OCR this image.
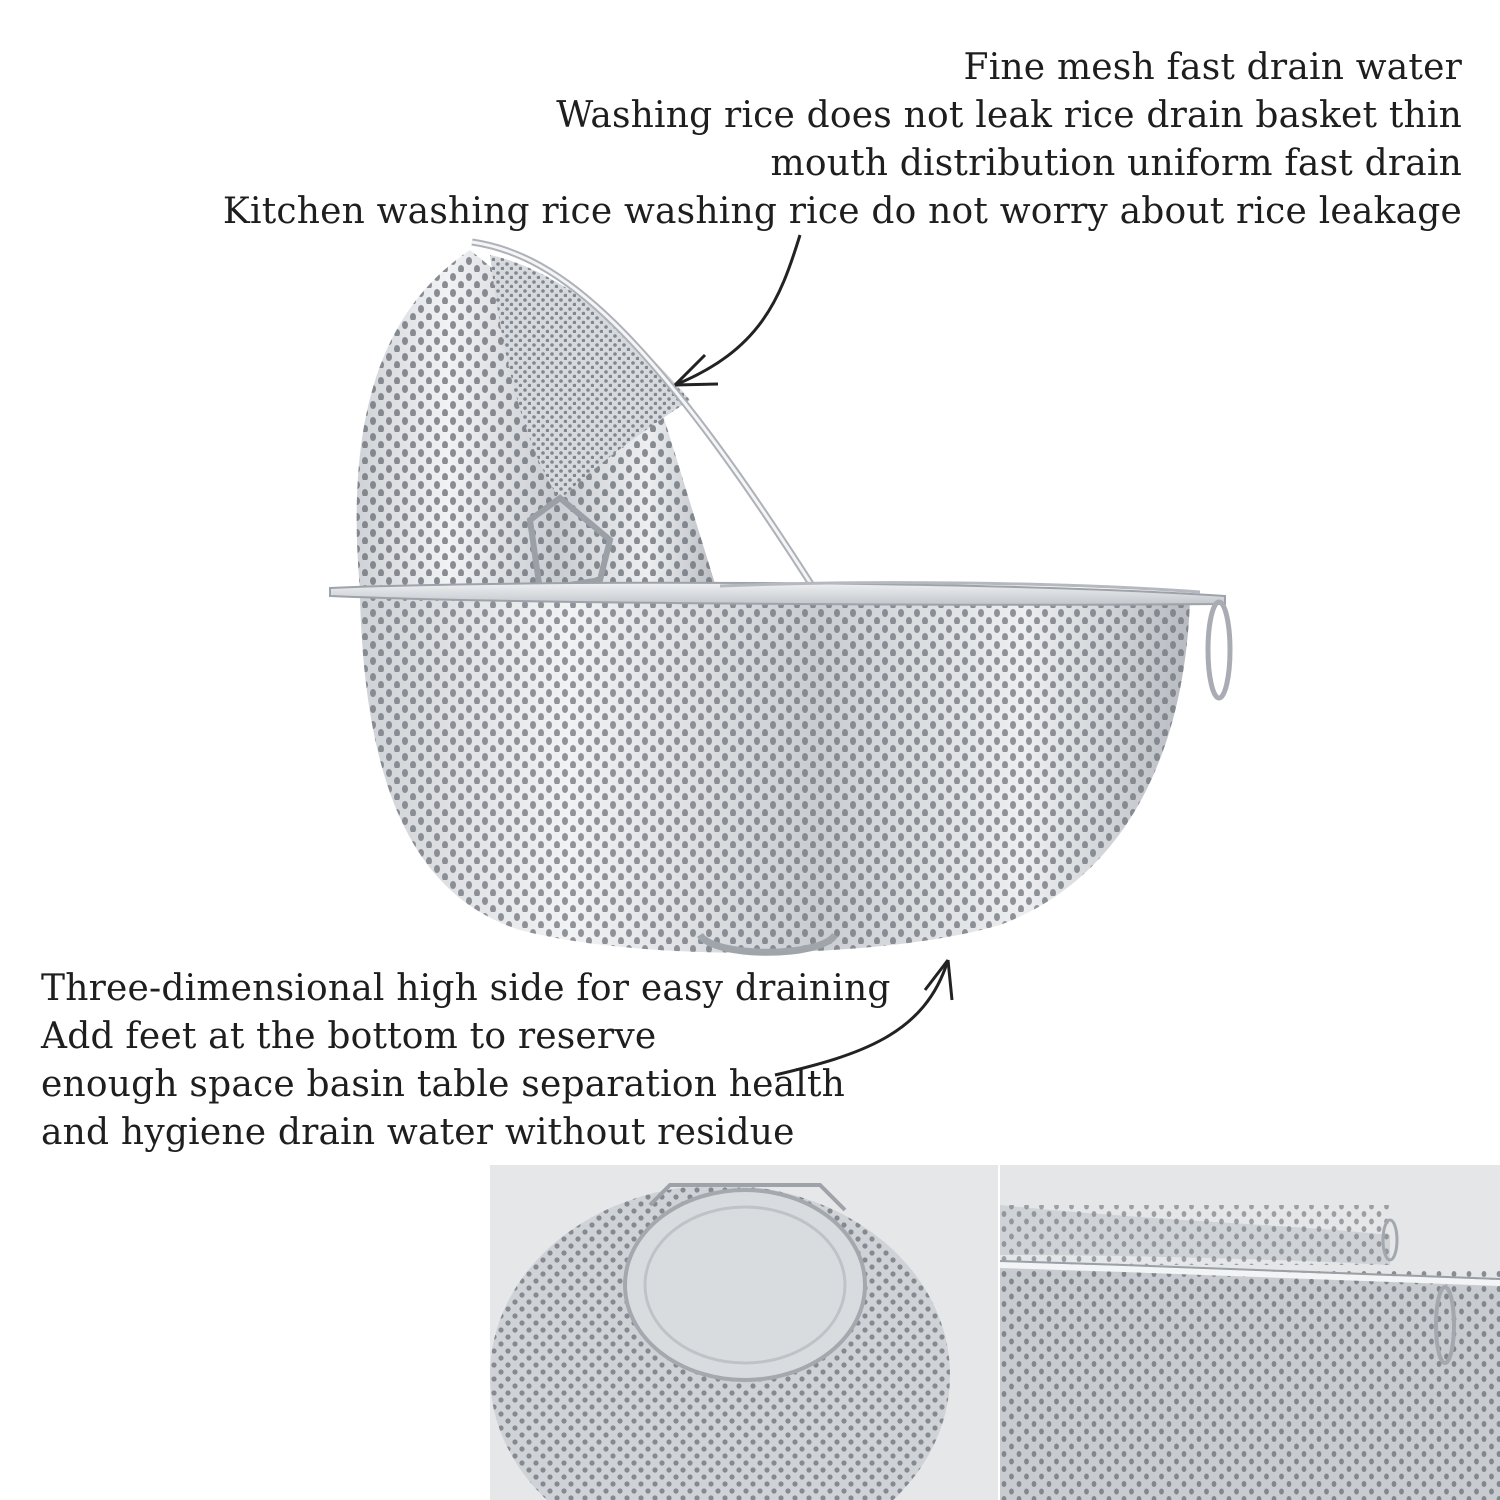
Fine mesh fast drain water
Washing rice does not leak rice drain basket thin
mouth distribution uniform fast drain
Kitchen washing rice washing rice do not worry about rice leakage
Three-dimensional high side for easy draining
Add feet at the bottom to reserve
enough space basin table separation health
and hygiene drain water without residue
